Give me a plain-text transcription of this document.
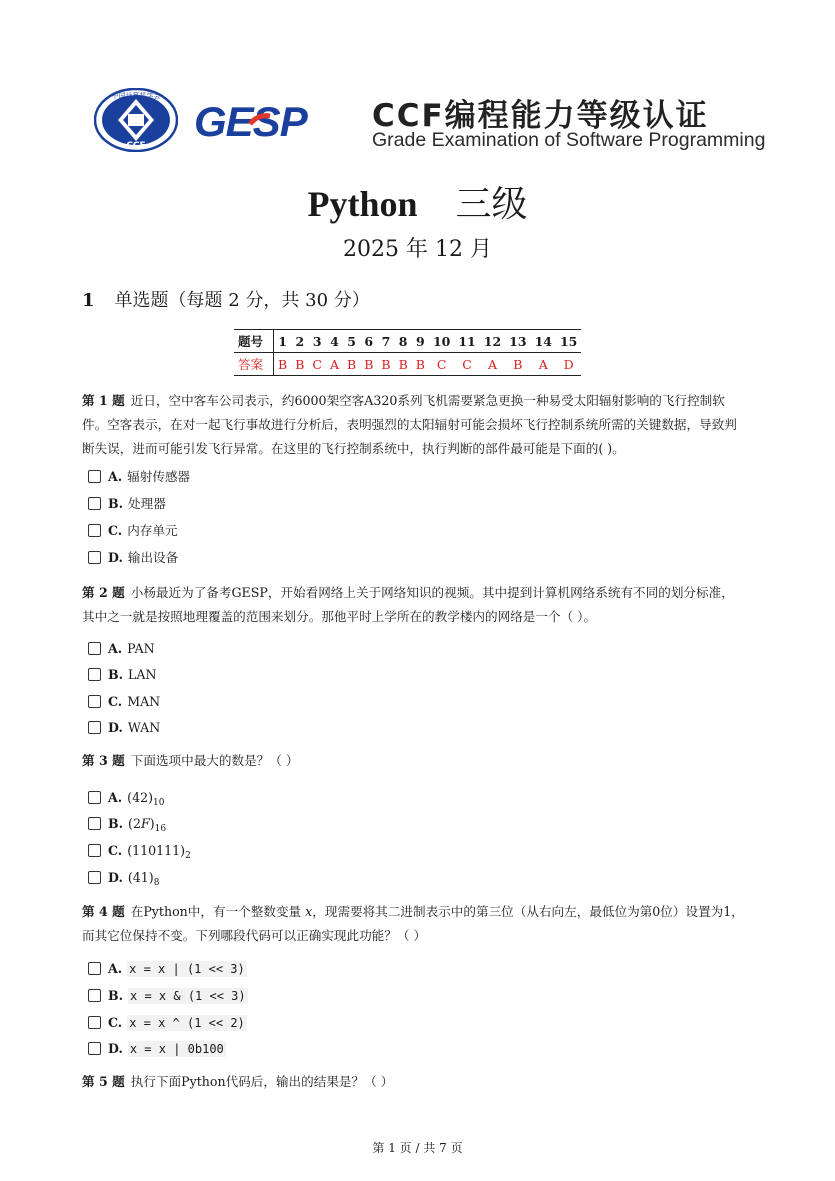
中国计算机学会
CCF
GESP CCF编程能力等级认证
Grade Examination of Software Programming
Python 三级
2025 年 12 月
1 单选题（每题 2 分，共 30 分）
题号	1	2	3	4	5	6	7	8	9	10	11	12	13	14	15
答案	B	B	C	A	B	B	B	B	B	C	C	A	B	A	D
第 1 题 近日，空中客车公司表示，约6000架空客A320系列飞机需要紧急更换一种易受太阳辐射影响的飞行控制软件。空客表示，在对一起飞行事故进行分析后，表明强烈的太阳辐射可能会损坏飞行控制系统所需的关键数据，导致判断失误，进而可能引发飞行异常。在这里的飞行控制系统中，执行判断的部件最可能是下面的( )。
A. 辐射传感器
B. 处理器
C. 内存单元
D. 输出设备
第 2 题 小杨最近为了备考GESP，开始看网络上关于网络知识的视频。其中提到计算机网络系统有不同的划分标准，其中之一就是按照地理覆盖的范围来划分。那他平时上学所在的教学楼内的网络是一个（ ）。
A. PAN
B. LAN
C. MAN
D. WAN
第 3 题 下面选项中最大的数是？（ ）
A. $(42)_{10}$
B. $(2F)_{16}$
C. $(110111)_2$
D. $(41)_8$
第 4 题 在Python中，有一个整数变量 x，现需要将其二进制表示中的第三位（从右向左，最低位为第0位）设置为1，而其它位保持不变。下列哪段代码可以正确实现此功能？（ ）
A. x = x | (1 << 3)
B. x = x & (1 << 3)
C. x = x ^ (1 << 2)
D. x = x | 0b100
第 5 题 执行下面Python代码后，输出的结果是？（ ）
第 1 页 / 共 7 页
